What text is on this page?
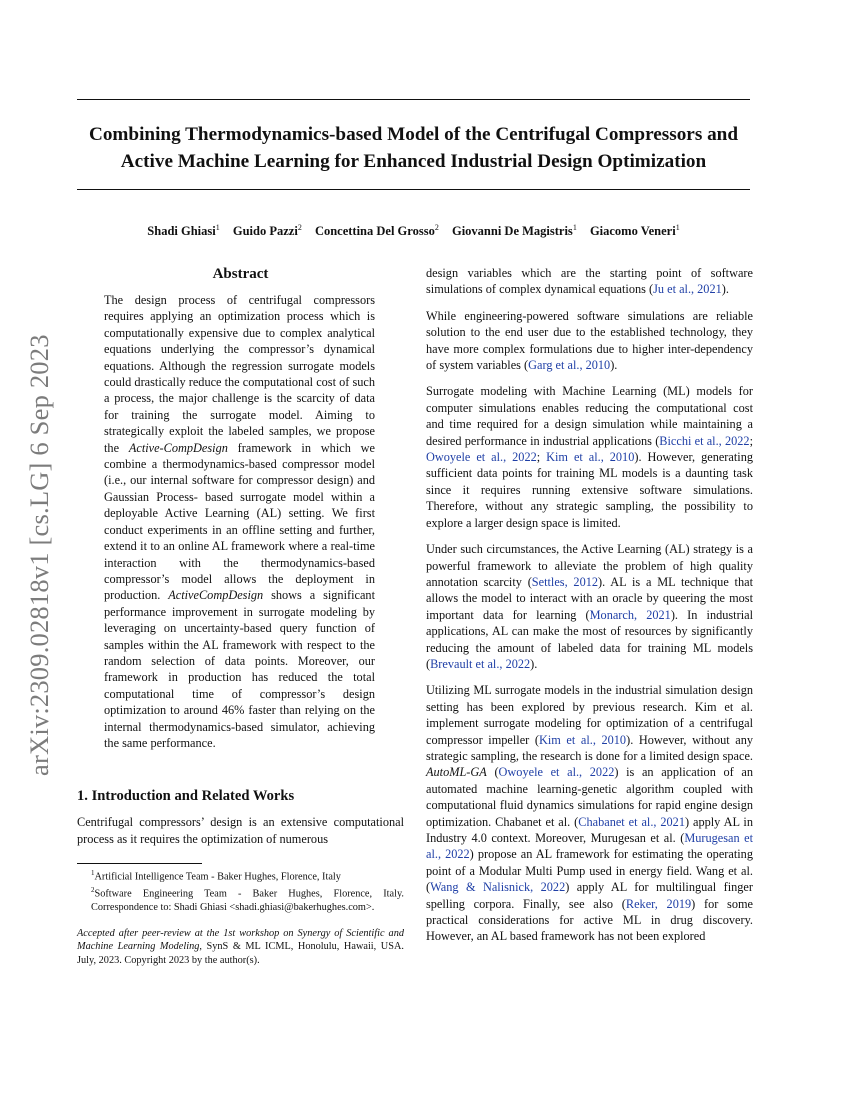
Combining Thermodynamics-based Model of the Centrifugal Compressors and Active Machine Learning for Enhanced Industrial Design Optimization
Shadi Ghiasi$^1$ Guido Pazzi$^2$ Concettina Del Grosso$^2$ Giovanni De Magistris$^1$ Giacomo Veneri$^1$
arXiv:2309.02818v1 [cs.LG] 6 Sep 2023
Abstract

The design process of centrifugal compressors requires applying an optimization process which is computationally expensive due to complex analytical equations underlying the compressor’s dynamical equations. Although the regression surrogate models could drastically reduce the computational cost of such a process, the major challenge is the scarcity of data for training the surrogate model. Aiming to strategically exploit the labeled samples, we propose the Active-CompDesign framework in which we combine a thermodynamics-based compressor model (i.e., our internal software for compressor design) and Gaussian Process- based surrogate model within a deployable Active Learning (AL) setting. We first conduct experiments in an offline setting and further, extend it to an online AL framework where a real-time interaction with the thermodynamics-based compressor’s model allows the deployment in production. ActiveCompDesign shows a significant performance improvement in surrogate modeling by leveraging on uncertainty-based query function of samples within the AL framework with respect to the random selection of data points. Moreover, our framework in production has reduced the total computational time of compressor’s design optimization to around 46% faster than relying on the internal thermodynamics-based simulator, achieving the same performance.

1. Introduction and Related Works

Centrifugal compressors’ design is an extensive computational process as it requires the optimization of numerous

$^1$Artificial Intelligence Team - Baker Hughes, Florence, Italy
$^2$Software Engineering Team - Baker Hughes, Florence, Italy. Correspondence to: Shadi Ghiasi <shadi.ghiasi@bakerhughes.com>.
Accepted after peer-review at the 1st workshop on Synergy of Scientific and Machine Learning Modeling, SynS & ML ICML, Honolulu, Hawaii, USA. July, 2023. Copyright 2023 by the author(s).

design variables which are the starting point of software simulations of complex dynamical equations (Ju et al., 2021).

While engineering-powered software simulations are reliable solution to the end user due to the established technology, they have more complex formulations due to higher inter-dependency of system variables (Garg et al., 2010).

Surrogate modeling with Machine Learning (ML) models for computer simulations enables reducing the computational cost and time required for a design simulation while maintaining a desired performance in industrial applications (Bicchi et al., 2022; Owoyele et al., 2022; Kim et al., 2010). However, generating sufficient data points for training ML models is a daunting task since it requires running extensive software simulations. Therefore, without any strategic sampling, the possibility to explore a larger design space is limited.

Under such circumstances, the Active Learning (AL) strategy is a powerful framework to alleviate the problem of high quality annotation scarcity (Settles, 2012). AL is a ML technique that allows the model to interact with an oracle by queering the most important data for learning (Monarch, 2021). In industrial applications, AL can make the most of resources by significantly reducing the amount of labeled data for training ML models (Brevault et al., 2022).

Utilizing ML surrogate models in the industrial simulation design setting has been explored by previous research. Kim et al. implement surrogate modeling for optimization of a centrifugal compressor impeller (Kim et al., 2010). However, without any strategic sampling, the research is done for a limited design space. AutoML-GA (Owoyele et al., 2022) is an application of an automated machine learning-genetic algorithm coupled with computational fluid dynamics simulations for rapid engine design optimization. Chabanet et al. (Chabanet et al., 2021) apply AL in Industry 4.0 context. Moreover, Murugesan et al. (Murugesan et al., 2022) propose an AL framework for estimating the operating point of a Modular Multi Pump used in energy field. Wang et al. (Wang & Nalisnick, 2022) apply AL for multilingual finger spelling corpora. Finally, see also (Reker, 2019) for some practical considerations for active ML in drug discovery. However, an AL based framework has not been explored
